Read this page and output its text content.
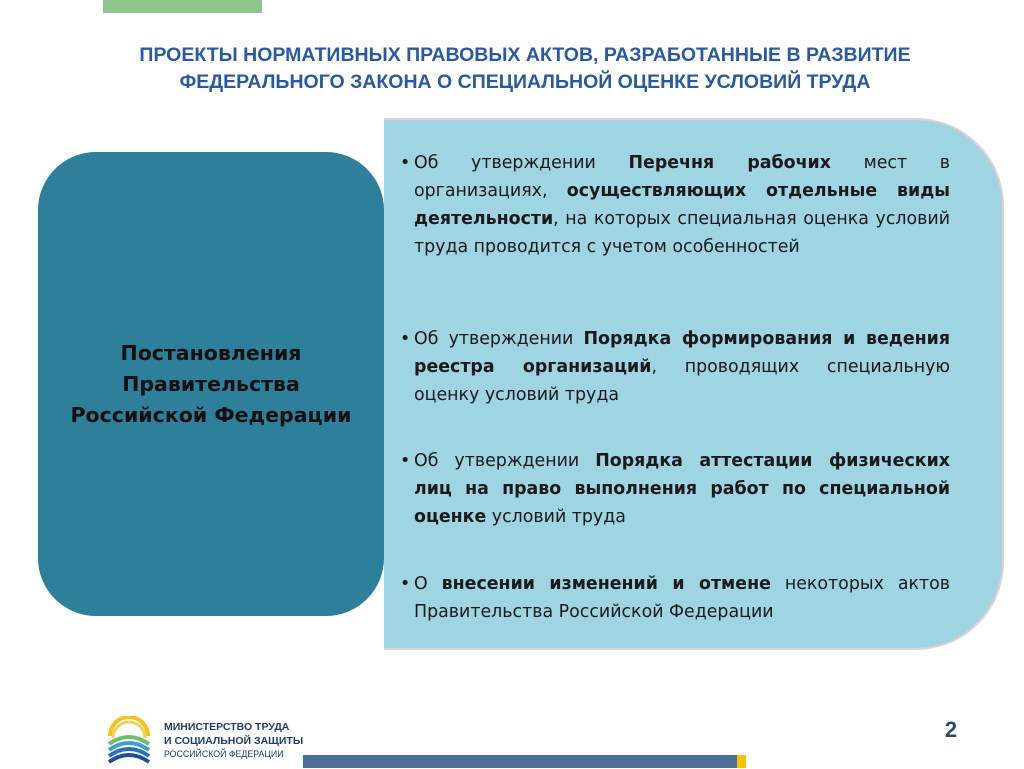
ПРОЕКТЫ НОРМАТИВНЫХ ПРАВОВЫХ АКТОВ, РАЗРАБОТАННЫЕ В РАЗВИТИЕ
ФЕДЕРАЛЬНОГО ЗАКОНА О СПЕЦИАЛЬНОЙ ОЦЕНКЕ УСЛОВИЙ ТРУДА
Постановления Правительства Российской Федерации
• Об утверждении Перечня рабочих мест в организациях, осуществляющих отдельные виды деятельности, на которых специальная оценка условий труда проводится с учетом особенностей
• Об утверждении Порядка формирования и ведения реестра организаций, проводящих специальную оценку условий труда
• Об утверждении Порядка аттестации физических лиц на право выполнения работ по специальной оценке условий труда
• О внесении изменений и отмене некоторых актов Правительства Российской Федерации
МИНИСТЕРСТВО ТРУДА
И СОЦИАЛЬНОЙ ЗАЩИТЫ
РОССИЙСКОЙ ФЕДЕРАЦИИ
2
